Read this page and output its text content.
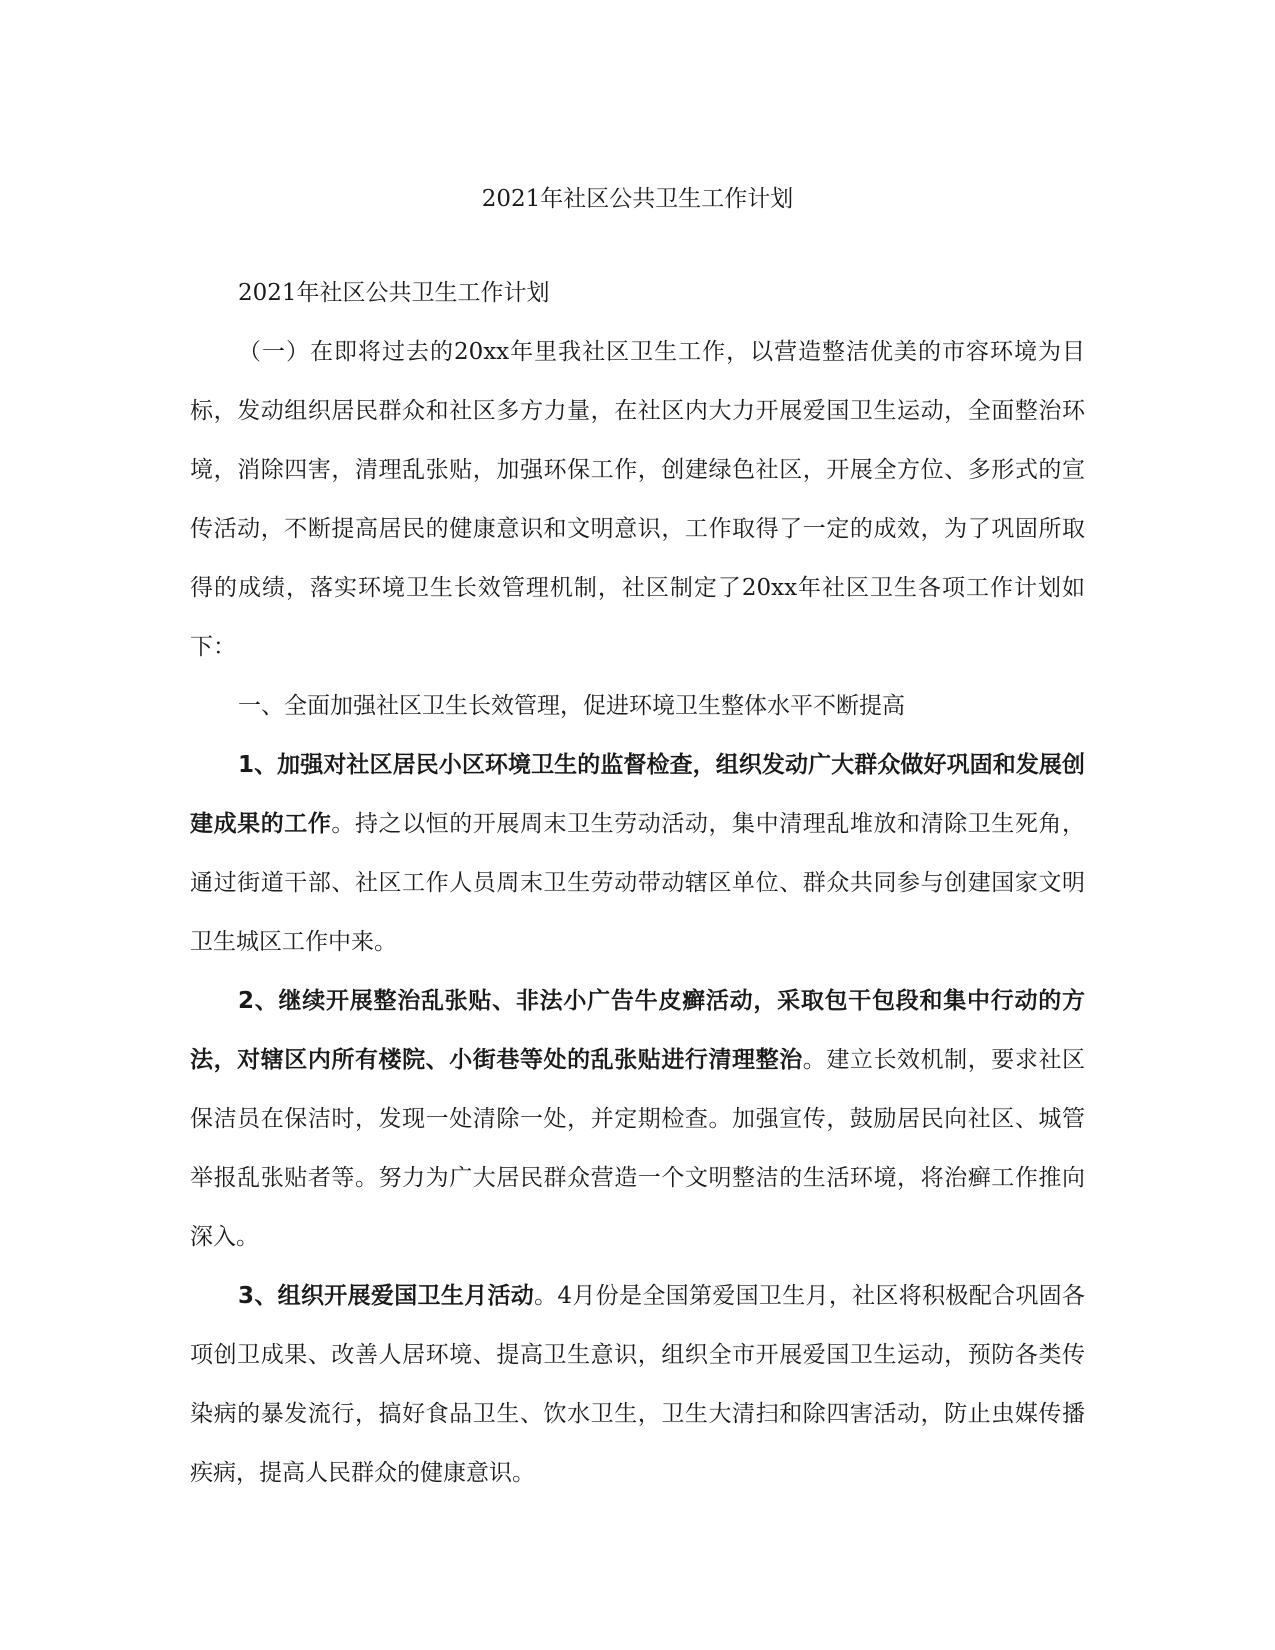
2021年社区公共卫生工作计划

2021年社区公共卫生工作计划

（一）在即将过去的20xx年里我社区卫生工作，以营造整洁优美的市容环境为目标，发动组织居民群众和社区多方力量，在社区内大力开展爱国卫生运动，全面整治环境，消除四害，清理乱张贴，加强环保工作，创建绿色社区，开展全方位、多形式的宣传活动，不断提高居民的健康意识和文明意识，工作取得了一定的成效，为了巩固所取得的成绩，落实环境卫生长效管理机制，社区制定了20xx年社区卫生各项工作计划如下：

一、全面加强社区卫生长效管理，促进环境卫生整体水平不断提高

1、加强对社区居民小区环境卫生的监督检查，组织发动广大群众做好巩固和发展创建成果的工作。持之以恒的开展周末卫生劳动活动，集中清理乱堆放和清除卫生死角，通过街道干部、社区工作人员周末卫生劳动带动辖区单位、群众共同参与创建国家文明卫生城区工作中来。

2、继续开展整治乱张贴、非法小广告牛皮癣活动，采取包干包段和集中行动的方法，对辖区内所有楼院、小街巷等处的乱张贴进行清理整治。建立长效机制，要求社区保洁员在保洁时，发现一处清除一处，并定期检查。加强宣传，鼓励居民向社区、城管举报乱张贴者等。努力为广大居民群众营造一个文明整洁的生活环境，将治癣工作推向深入。

3、组织开展爱国卫生月活动。4月份是全国第爱国卫生月，社区将积极配合巩固各项创卫成果、改善人居环境、提高卫生意识，组织全市开展爱国卫生运动，预防各类传染病的暴发流行，搞好食品卫生、饮水卫生，卫生大清扫和除四害活动，防止虫媒传播疾病，提高人民群众的健康意识。
